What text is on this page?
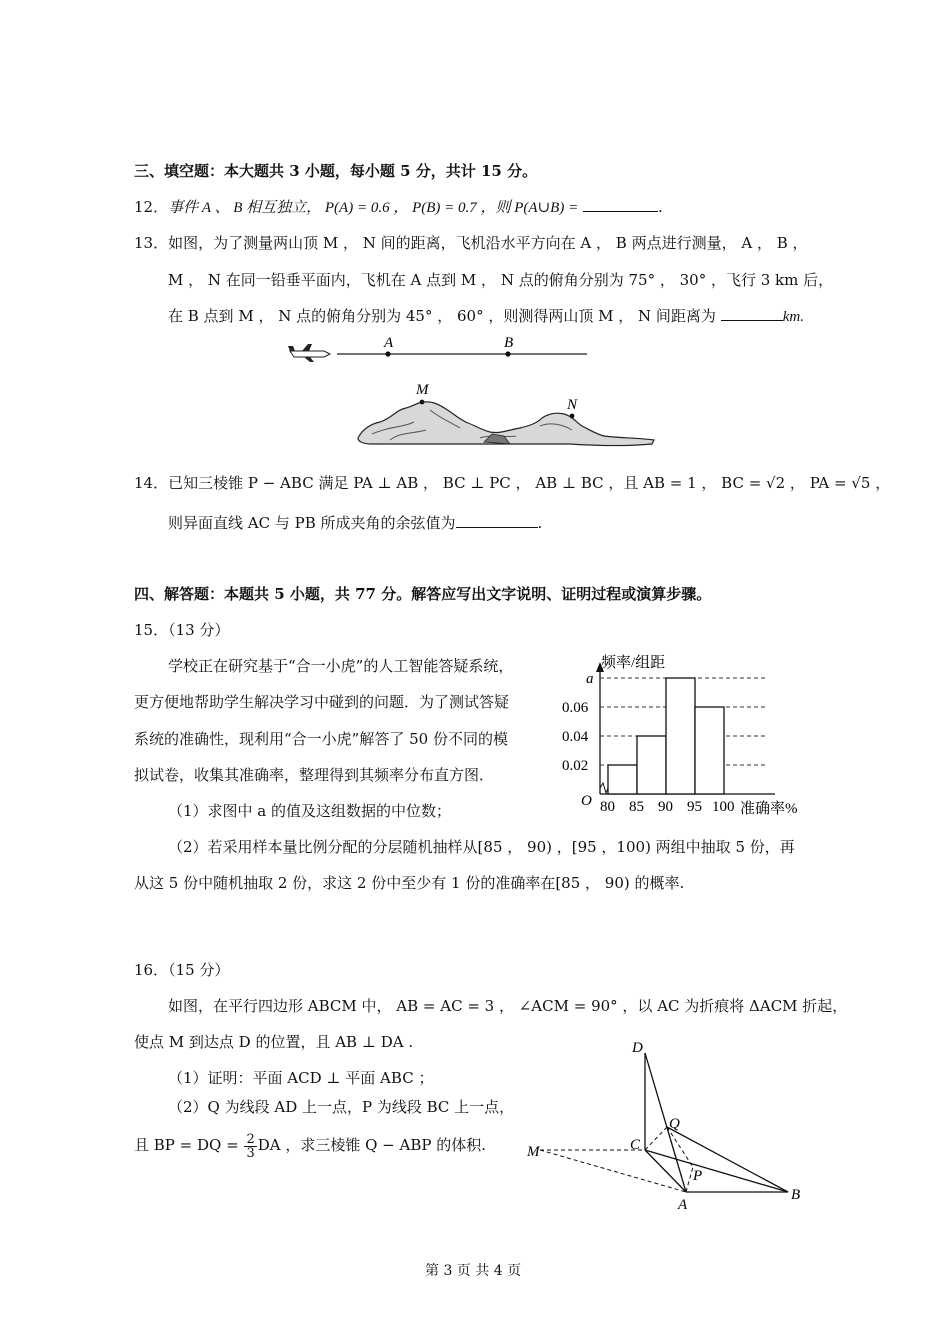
三、填空题：本大题共 3 小题，每小题 5 分，共计 15 分。
12．事件 A 、 B 相互独立， P(A) = 0.6 ， P(B) = 0.7 ，则 P(A∪B) =	.
13．如图，为了测量两山顶 M ， N 间的距离，飞机沿水平方向在 A ， B 两点进行测量， A ， B ，
M ， N 在同一铅垂平面内，飞机在 A 点到 M ， N 点的俯角分别为 75° ， 30° ，飞行 3 km 后，
在 B 点到 M ， N 点的俯角分别为 45° ， 60° ，则测得两山顶 M ， N 间距离为	km.
A	B
M
N
14．已知三棱锥 P − ABC 满足 PA ⊥ AB ， BC ⊥ PC ， AB ⊥ BC ，且 AB = 1 ， BC = √2 ， PA = √5 ，
则异面直线 AC 与 PB 所成夹角的余弦值为	.
四、解答题：本题共 5 小题，共 77 分。解答应写出文字说明、证明过程或演算步骤。
15．（13 分）
学校正在研究基于“合一小虎”的人工智能答疑系统，
更方便地帮助学生解决学习中碰到的问题．为了测试答疑
系统的准确性，现利用“合一小虎”解答了 50 份不同的模
拟试卷，收集其准确率，整理得到其频率分布直方图．
（1）求图中 a 的值及这组数据的中位数；
（2）若采用样本量比例分配的分层随机抽样从[85 ， 90) ，[95 ，100) 两组中抽取 5 份，再
从这 5 份中随机抽取 2 份，求这 2 份中至少有 1 份的准确率在[85 ， 90) 的概率.
频率/组距
准确率%
O
0.02
0.04
0.06
a
80 85 90 95 100
16．（15 分）
如图，在平行四边形 ABCM 中， AB = AC = 3 ， ∠ACM = 90° ，以 AC 为折痕将 ΔACM 折起，
使点 M 到达点 D 的位置，且 AB ⊥ DA .
（1）证明：平面 ACD ⊥ 平面 ABC ；
（2）Q 为线段 AD 上一点，P 为线段 BC 上一点，
且 BP = DQ = $\frac{2}{3}$ DA ，求三棱锥 Q − ABP 的体积.
D
Q
C
M
P
A
B
第 3 页 共 4 页
